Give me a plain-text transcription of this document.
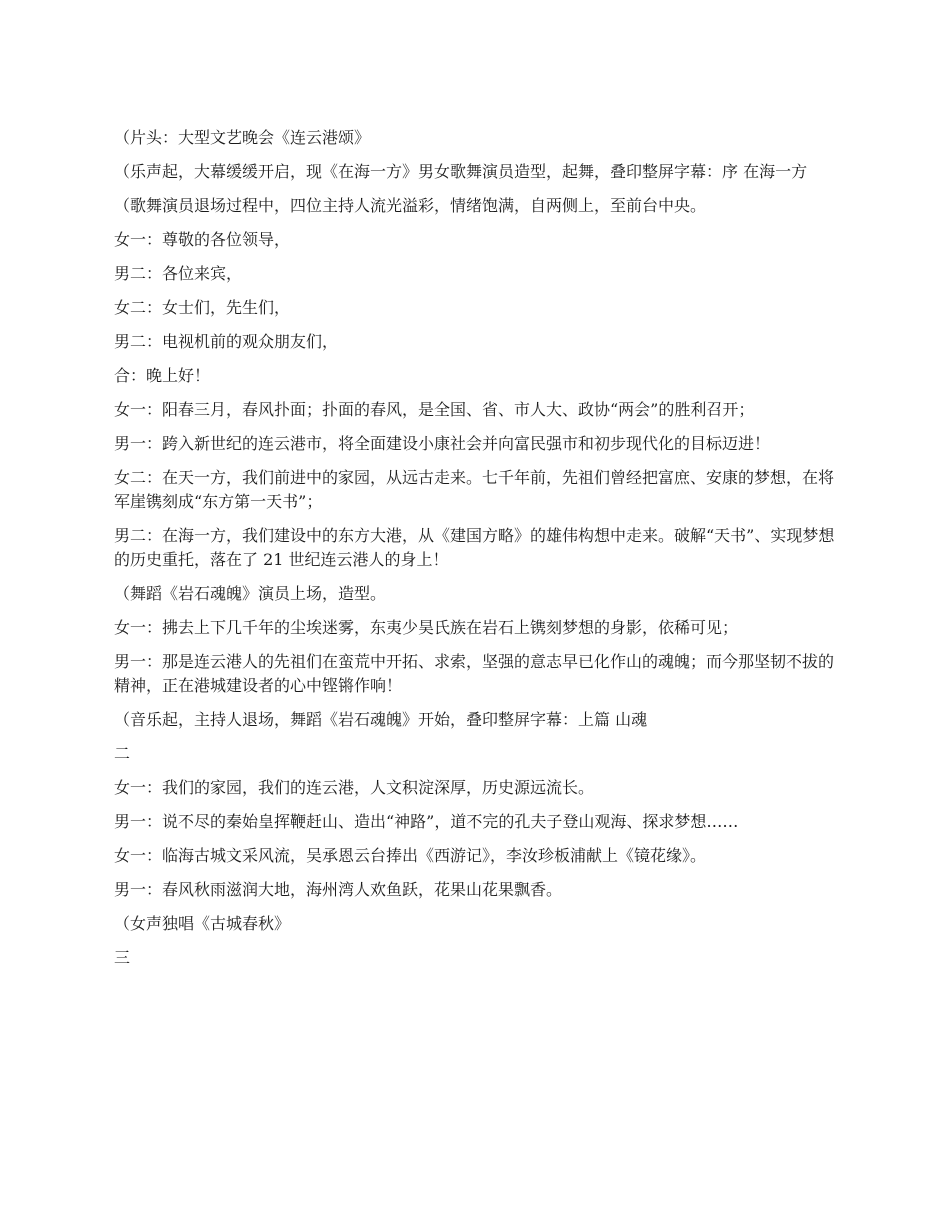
（片头：大型文艺晚会《连云港颂》

（乐声起，大幕缓缓开启，现《在海一方》男女歌舞演员造型，起舞，叠印整屏字幕：序 在海一方

（歌舞演员退场过程中，四位主持人流光溢彩，情绪饱满，自两侧上，至前台中央。

女一：尊敬的各位领导，

男二：各位来宾，

女二：女士们，先生们，

男二：电视机前的观众朋友们，

合：晚上好！

女一：阳春三月，春风扑面；扑面的春风，是全国、省、市人大、政协“两会”的胜利召开；

男一：跨入新世纪的连云港市，将全面建设小康社会并向富民强市和初步现代化的目标迈进！

女二：在天一方，我们前进中的家园，从远古走来。七千年前，先祖们曾经把富庶、安康的梦想，在将军崖镌刻成“东方第一天书”；

男二：在海一方，我们建设中的东方大港，从《建国方略》的雄伟构想中走来。破解“天书”、实现梦想的历史重托，落在了 21 世纪连云港人的身上！

（舞蹈《岩石魂魄》演员上场，造型。

女一：拂去上下几千年的尘埃迷雾，东夷少昊氏族在岩石上镌刻梦想的身影，依稀可见；

男一：那是连云港人的先祖们在蛮荒中开拓、求索，坚强的意志早已化作山的魂魄；而今那坚韧不拔的精神，正在港城建设者的心中铿锵作响！

（音乐起，主持人退场，舞蹈《岩石魂魄》开始，叠印整屏字幕：上篇 山魂

二

女一：我们的家园，我们的连云港，人文积淀深厚，历史源远流长。

男一：说不尽的秦始皇挥鞭赶山、造出“神路”，道不完的孔夫子登山观海、探求梦想……

女一：临海古城文采风流，吴承恩云台捧出《西游记》，李汝珍板浦献上《镜花缘》。

男一：春风秋雨滋润大地，海州湾人欢鱼跃，花果山花果飘香。

（女声独唱《古城春秋》

三
